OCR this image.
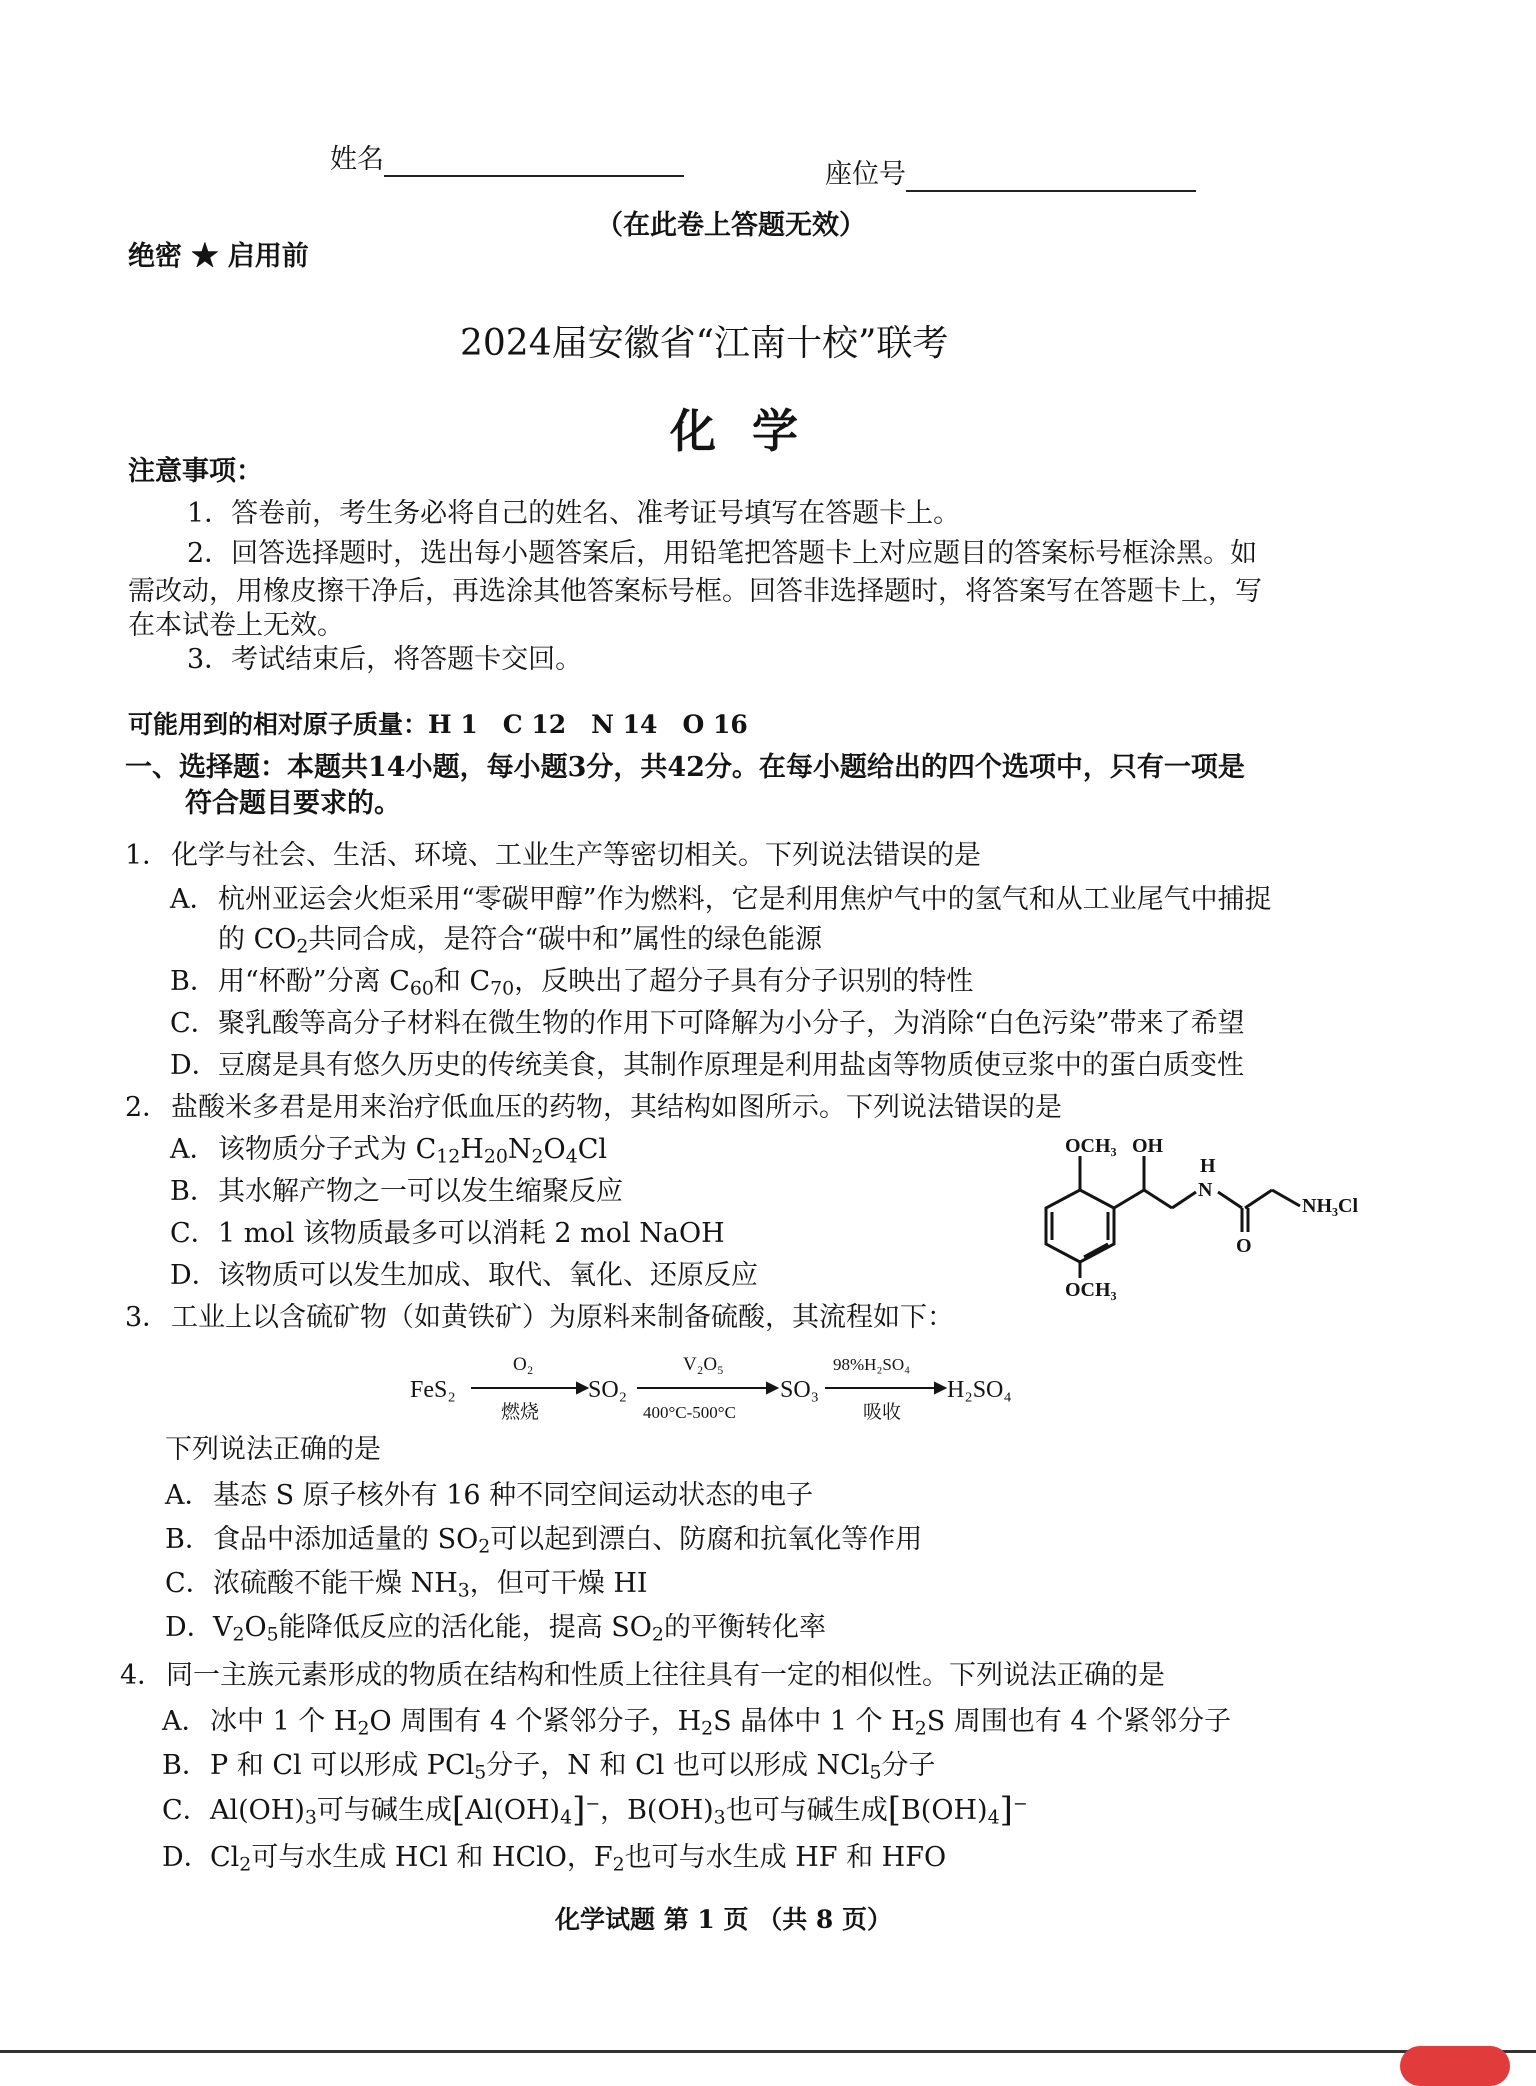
姓名	座位号
（在此卷上答题无效）
绝密 ★ 启用前
2024届安徽省“江南十校”联考
化学
注意事项：
1．答卷前，考生务必将自己的姓名、准考证号填写在答题卡上。
2．回答选择题时，选出每小题答案后，用铅笔把答题卡上对应题目的答案标号框涂黑。如
需改动，用橡皮擦干净后，再选涂其他答案标号框。回答非选择题时，将答案写在答题卡上，写
在本试卷上无效。
3．考试结束后，将答题卡交回。
可能用到的相对原子质量：H 1　C 12　N 14　O 16
一、选择题：本题共14小题，每小题3分，共42分。在每小题给出的四个选项中，只有一项是
符合题目要求的。
1．化学与社会、生活、环境、工业生产等密切相关。下列说法错误的是
A．杭州亚运会火炬采用“零碳甲醇”作为燃料，它是利用焦炉气中的氢气和从工业尾气中捕捉
的 $CO_2$共同合成，是符合“碳中和”属性的绿色能源
B．用“杯酚”分离 $C_{60}$和 $C_{70}$，反映出了超分子具有分子识别的特性
C．聚乳酸等高分子材料在微生物的作用下可降解为小分子，为消除“白色污染”带来了希望
D．豆腐是具有悠久历史的传统美食，其制作原理是利用盐卤等物质使豆浆中的蛋白质变性
2．盐酸米多君是用来治疗低血压的药物，其结构如图所示。下列说法错误的是
A．该物质分子式为 $C_{12}H_{20}N_2O_4Cl$
B．其水解产物之一可以发生缩聚反应
C．1 mol 该物质最多可以消耗 2 mol NaOH
D．该物质可以发生加成、取代、氧化、还原反应
OCH₃ OH
H
N
O
NH₃Cl
OCH₃
3．工业上以含硫矿物（如黄铁矿）为原料来制备硫酸，其流程如下：
FeS₂
O₂
燃烧
SO₂
V₂O₅
400°C-500°C
SO₃
98%H₂SO₄
吸收
H₂SO₄
下列说法正确的是
A．基态 S 原子核外有 16 种不同空间运动状态的电子
B．食品中添加适量的 $SO_2$可以起到漂白、防腐和抗氧化等作用
C．浓硫酸不能干燥 $NH_3$，但可干燥 HI
D．$V_2O_5$能降低反应的活化能，提高 $SO_2$的平衡转化率
4．同一主族元素形成的物质在结构和性质上往往具有一定的相似性。下列说法正确的是
A．冰中 1 个 $H_2O$ 周围有 4 个紧邻分子，$H_2S$ 晶体中 1 个 $H_2S$ 周围也有 4 个紧邻分子
B．P 和 Cl 可以形成 PCl$_5$分子，N 和 Cl 也可以形成 NCl$_5$分子
C．$Al(OH)_3$可与碱生成$[Al(OH)_4]^-$，$B(OH)_3$也可与碱生成$[B(OH)_4]^-$
D．$Cl_2$可与水生成 HCl 和 HClO，$F_2$也可与水生成 HF 和 HFO
化学试题 第 1 页 （共 8 页）
